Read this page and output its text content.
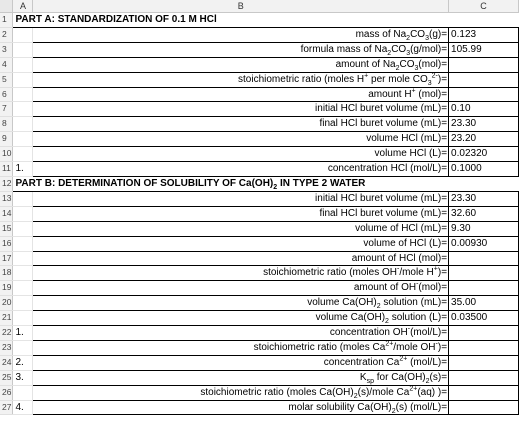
	A	B	C
1	PART A: STANDARDIZATION OF 0.1 M HCl		
2		mass of $Na_2CO_3(g)=$	0.123
3		formula mass of $Na_2CO_3(g/mol)=$	105.99
4		amount of $Na_2CO_3(mol)=$	
5		stoichiometric ratio (moles H+ per mole $CO_3^{2-})=$	
6		amount H+ (mol)=	
7		initial HCl buret volume (mL)=	0.10
8		final HCl buret volume (mL)=	23.30
9		volume HCl (mL)=	23.20
10		volume HCl (L)=	0.02320
11	1.	concentration HCl (mol/L)=	0.1000
12	PART B: DETERMINATION OF SOLUBILITY OF $Ca(OH)_2$ IN TYPE 2 WATER		
13		initial HCl buret volume (mL)=	23.30
14		final HCl buret volume (mL)=	32.60
15		volume of HCl (mL)=	9.30
16		volume of HCl (L)=	0.00930
17		amount of HCl (mol)=	
18		stoichiometric ratio (moles OH-/mole H+)=	
19		amount of OH-(mol)=	
20		volume $Ca(OH)_2$ solution (mL)=	35.00
21		volume $Ca(OH)_2$ solution (L)=	0.03500
22	1.	concentration OH-(mol/L)=	
23		stoichiometric ratio (moles $Ca^{2+}$/mole OH-)=	
24	2.	concentration $Ca^{2+}$ (mol/L)=	
25	3.	$K_{sp}$ for $Ca(OH)_2(s)=$	
26		stoichiometric ratio (moles $Ca(OH)_2(s)$/mole $Ca^{2+}(aq)$ )=	
27	4.	molar solubility $Ca(OH)_2(s)$ (mol/L)=	
